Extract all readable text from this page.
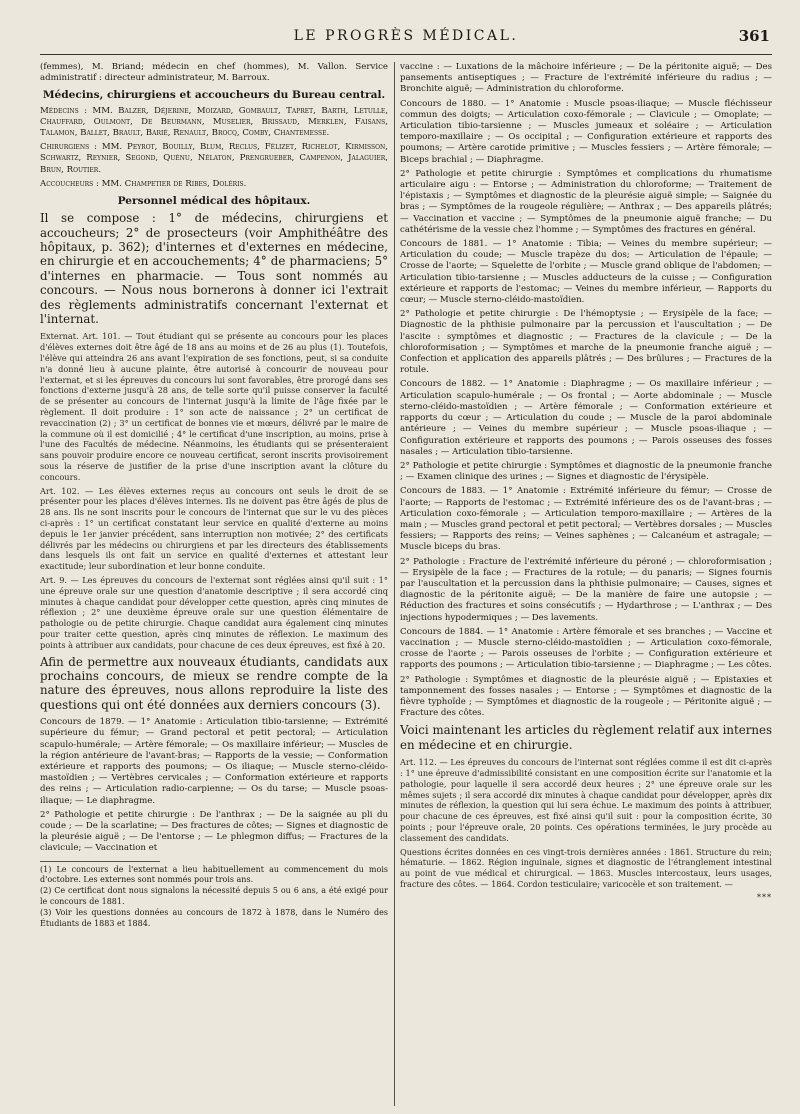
LE PROGRÈS MÉDICAL.	361

(femmes), M. Briand; médecin en chef (hommes), M. Vallon. Service administratif : directeur administrateur, M. Barroux.

Médecins, chirurgiens et accoucheurs du Bureau central.

Médecins : MM. Balzer, Déjerine, Moizard, Gombault, Tapret, Barth, Letulle, Chauffard, Oulmont, De Beurmann, Muselier, Brissaud, Merklen, Faisans, Talamon, Ballet, Brault, Barié, Renault, Brocq, Comby, Chantemesse.

Chirurgiens : MM. Peyrot, Bouilly, Blum, Reclus, Félizet, Richelot, Kirmisson, Schwartz, Reynier, Segond, Quénu, Nélaton, Prengrueber, Campenon, Jalaguier, Brun, Routier.

Accoucheurs : MM. Champetier de Ribes, Doléris.

Personnel médical des hôpitaux.

Il se compose : 1° de médecins, chirurgiens et accoucheurs; 2° de prosecteurs (voir Amphithéâtre des hôpitaux, p. 362); d'internes et d'externes en médecine, en chirurgie et en accouchements; 4° de pharmaciens; 5° d'internes en pharmacie. — Tous sont nommés au concours. — Nous nous bornerons à donner ici l'extrait des règlements administratifs concernant l'externat et l'internat.

Externat. Art. 101. — Tout étudiant qui se présente au concours pour les places d'élèves externes doit être âgé de 18 ans au moins et de 26 au plus (1). Toutefois, l'élève qui atteindra 26 ans avant l'expiration de ses fonctions, peut, si sa conduite n'a donné lieu à aucune plainte, être autorisé à concourir de nouveau pour l'externat, et si les épreuves du concours lui sont favorables, être prorogé dans ses fonctions d'externe jusqu'à 28 ans, de telle sorte qu'il puisse conserver la faculté de se présenter au concours de l'internat jusqu'à la limite de l'âge fixée par le règlement. Il doit produire : 1° son acte de naissance ; 2° un certificat de revaccination (2) ; 3° un certificat de bonnes vie et mœurs, délivré par le maire de la commune où il est domicilié ; 4° le certificat d'une inscription, au moins, prise à l'une des Facultés de médecine. Néanmoins, les étudiants qui se présenteraient sans pouvoir produire encore ce nouveau certificat, seront inscrits provisoirement sous la réserve de justifier de la prise d'une inscription avant la clôture du concours.

Art. 102. — Les élèves externes reçus au concours ont seuls le droit de se présenter pour les places d'élèves internes. Ils ne doivent pas être âgés de plus de 28 ans. Ils ne sont inscrits pour le concours de l'internat que sur le vu des pièces ci-après : 1° un certificat constatant leur service en qualité d'externe au moins depuis le 1er janvier précédent, sans interruption non motivée; 2° des certificats délivrés par les médecins ou chirurgiens et par les directeurs des établissements dans lesquels ils ont fait un service en qualité d'externes et attestant leur exactitude; leur subordination et leur bonne conduite.

Art. 9. — Les épreuves du concours de l'externat sont réglées ainsi qu'il suit : 1° une épreuve orale sur une question d'anatomie descriptive ; il sera accordé cinq minutes à chaque candidat pour développer cette question, après cinq minutes de réflexion ; 2° une deuxième épreuve orale sur une question élémentaire de pathologie ou de petite chirurgie. Chaque candidat aura également cinq minutes pour traiter cette question, après cinq minutes de réflexion. Le maximum des points à attribuer aux candidats, pour chacune de ces deux épreuves, est fixé à 20.

Afin de permettre aux nouveaux étudiants, candidats aux prochains concours, de mieux se rendre compte de la nature des épreuves, nous allons reproduire la liste des questions qui ont été données aux derniers concours (3).

Concours de 1879. — 1° Anatomie : Articulation tibio-tarsienne; — Extrémité supérieure du fémur; — Grand pectoral et petit pectoral; — Articulation scapulo-humérale; — Artère fémorale; — Os maxillaire inférieur; — Muscles de la région antérieure de l'avant-bras; — Rapports de la vessie; — Conformation extérieure et rapports des poumons; — Os iliaque; — Muscle sterno-cléido-mastoïdien ; — Vertèbres cervicales ; — Conformation extérieure et rapports des reins ; — Articulation radio-carpienne; — Os du tarse; — Muscle psoas-iliaque; — Le diaphragme.

2° Pathologie et petite chirurgie : De l'anthrax ; — De la saignée au pli du coude ; — De la scarlatine; — Des fractures de côtes; — Signes et diagnostic de la pleurésie aiguë ; — De l'entorse ; — Le phlegmon diffus; — Fractures de la clavicule; — Vaccination et

(1) Le concours de l'externat a lieu habituellement au commencement du mois d'octobre. Les externes sont nommés pour trois ans.

(2) Ce certificat dont nous signalons la nécessité depuis 5 ou 6 ans, a été exigé pour le concours de 1881.

(3) Voir les questions données au concours de 1872 à 1878, dans le Numéro des Étudiants de 1883 et 1884.

vaccine : — Luxations de la mâchoire inférieure ; — De la péritonite aiguë; — Des pansements antiseptiques ; — Fracture de l'extrémité inférieure du radius ; — Bronchite aiguë; — Administration du chloroforme.

Concours de 1880. — 1° Anatomie : Muscle psoas-iliaque; — Muscle fléchisseur commun des doigts; — Articulation coxo-fémorale ; — Clavicule ; — Omoplate; — Articulation tibio-tarsienne ; — Muscles jumeaux et soléaire ; — Articulation temporo-maxillaire ; — Os occipital ; — Configuration extérieure et rapports des poumons; — Artère carotide primitive ; — Muscles fessiers ; — Artère fémorale; — Biceps brachial ; — Diaphragme.

2° Pathologie et petite chirurgie : Symptômes et complications du rhumatisme articulaire aigu : — Entorse ; — Administration du chloroforme; — Traitement de l'épistaxis ; — Symptômes et diagnostic de la pleurésie aiguë simple; — Saignée du bras ; — Symptômes de la rougeole régulière; — Anthrax ; — Des appareils plâtrés; — Vaccination et vaccine ; — Symptômes de la pneumonie aiguë franche; — Du cathétérisme de la vessie chez l'homme ; — Symptômes des fractures en général.

Concours de 1881. — 1° Anatomie : Tibia; — Veines du membre supérieur; — Articulation du coude; — Muscle trapèze du dos; — Articulation de l'épaule; — Crosse de l'aorte; — Squelette de l'orbite ; — Muscle grand oblique de l'abdomen; — Articulation tibio-tarsienne ; — Muscles adducteurs de la cuisse ; — Configuration extérieure et rapports de l'estomac; — Veines du membre inférieur, — Rapports du cœur; — Muscle sterno-cléido-mastoïdien.

2° Pathologie et petite chirurgie : De l'hémoptysie ; — Erysipèle de la face; — Diagnostic de la phthisie pulmonaire par la percussion et l'auscultation ; — De l'ascite : symptômes et diagnostic ; — Fractures de la clavicule ; — De la chloroformisation ; — Symptômes et marche de la pneumonie franche aiguë ; — Confection et application des appareils plâtrés ; — Des brûlures ; — Fractures de la rotule.

Concours de 1882. — 1° Anatomie : Diaphragme ; — Os maxillaire inférieur ; — Articulation scapulo-humérale ; — Os frontal ; — Aorte abdominale ; — Muscle sterno-cléido-mastoïdien ; — Artère fémorale ; — Conformation extérieure et rapports du cœur ; — Articulation du coude ; — Muscle de la paroi abdominale antérieure ; — Veines du membre supérieur ; — Muscle psoas-iliaque ; — Configuration extérieure et rapports des poumons ; — Parois osseuses des fosses nasales ; — Articulation tibio-tarsienne.

2° Pathologie et petite chirurgie : Symptômes et diagnostic de la pneumonie franche ; — Examen clinique des urines ; — Signes et diagnostic de l'érysipèle.

Concours de 1883. — 1° Anatomie : Extrémité inférieure du fémur; — Crosse de l'aorte; — Rapports de l'estomac ; — Extrémité inférieure des os de l'avant-bras ; — Articulation coxo-fémorale ; — Articulation temporo-maxillaire ; — Artères de la main ; — Muscles grand pectoral et petit pectoral; — Vertèbres dorsales ; — Muscles fessiers; — Rapports des reins; — Veines saphènes ; — Calcanéum et astragale; — Muscle biceps du bras.

2° Pathologie : Fracture de l'extrémité inférieure du péroné ; — chloroformisation ; — Erysipèle de la face ; — Fractures de la rotule; — du panaris; — Signes fournis par l'auscultation et la percussion dans la phthisie pulmonaire; — Causes, signes et diagnostic de la péritonite aiguë; — De la manière de faire une autopsie ; — Réduction des fractures et soins consécutifs ; — Hydarthrose ; — L'anthrax ; — Des injections hypodermiques ; — Des lavements.

Concours de 1884. — 1° Anatomie : Artère fémorale et ses branches ; — Vaccine et vaccination ; — Muscle sterno-cléido-mastoïdien ; — Articulation coxo-fémorale, crosse de l'aorte ; — Parois osseuses de l'orbite ; — Configuration extérieure et rapports des poumons ; — Articulation tibio-tarsienne ; — Diaphragme ; — Les côtes.

2° Pathologie : Symptômes et diagnostic de la pleurésie aiguë ; — Epistaxies et tamponnement des fosses nasales ; — Entorse ; — Symptômes et diagnostic de la fièvre typhoïde ; — Symptômes et diagnostic de la rougeole ; — Péritonite aiguë ; — Fracture des côtes.

Voici maintenant les articles du règlement relatif aux internes en médecine et en chirurgie.

Art. 112. — Les épreuves du concours de l'internat sont réglées comme il est dit ci-après : 1° une épreuve d'admissibilité consistant en une composition écrite sur l'anatomie et la pathologie, pour laquelle il sera accordé deux heures ; 2° une épreuve orale sur les mêmes sujets ; il sera accordé dix minutes à chaque candidat pour développer, après dix minutes de réflexion, la question qui lui sera échue. Le maximum des points à attribuer, pour chacune de ces épreuves, est fixé ainsi qu'il suit : pour la composition écrite, 30 points ; pour l'épreuve orale, 20 points. Ces opérations terminées, le jury procède au classement des candidats.

Questions écrites données en ces vingt-trois dernières années : 1861. Structure du rein; hématurie. — 1862. Région inguinale, signes et diagnostic de l'étranglement intestinal au point de vue médical et chirurgical. — 1863. Muscles intercostaux, leurs usages, fracture des côtes. — 1864. Cordon testiculaire; varicocèle et son traitement. —

***
